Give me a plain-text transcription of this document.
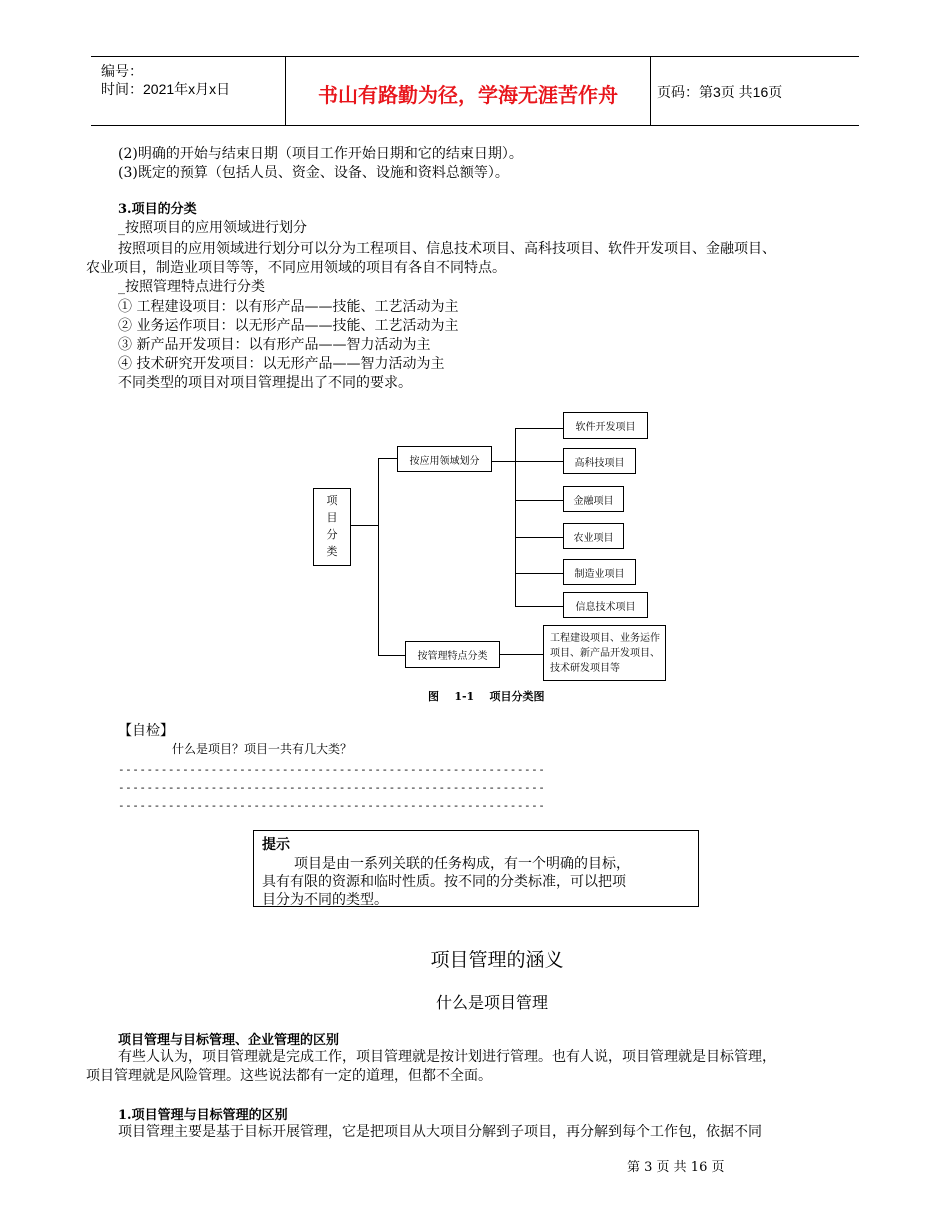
编号：
时间：2021年x月x日	书山有路勤为径，学海无涯苦作舟	页码：第3页 共16页
(2)明确的开始与结束日期（项目工作开始日期和它的结束日期）。
(3)既定的预算（包括人员、资金、设备、设施和资料总额等）。
3.项目的分类
_按照项目的应用领域进行划分
按照项目的应用领域进行划分可以分为工程项目、信息技术项目、高科技项目、软件开发项目、金融项目、
农业项目，制造业项目等等，不同应用领域的项目有各自不同特点。
_按照管理特点进行分类
① 工程建设项目：以有形产品——技能、工艺活动为主
② 业务运作项目：以无形产品——技能、工艺活动为主
③ 新产品开发项目：以有形产品——智力活动为主
④ 技术研究开发项目：以无形产品——智力活动为主
不同类型的项目对项目管理提出了不同的要求。
项
目
分
类
按应用领域划分
按管理特点分类
软件开发项目
高科技项目
金融项目
农业项目
制造业项目
信息技术项目
工程建设项目、业务运作
项目、新产品开发项目、
技术研发项目等
图    1-1    项目分类图
【自检】
什么是项目？项目一共有几大类？
------------------------------------------------------------
------------------------------------------------------------
------------------------------------------------------------
提示
项目是由一系列关联的任务构成，有一个明确的目标，
具有有限的资源和临时性质。按不同的分类标准，可以把项
目分为不同的类型。
项目管理的涵义
什么是项目管理
项目管理与目标管理、企业管理的区别
有些人认为，项目管理就是完成工作，项目管理就是按计划进行管理。也有人说，项目管理就是目标管理，
项目管理就是风险管理。这些说法都有一定的道理，但都不全面。
1.项目管理与目标管理的区别
项目管理主要是基于目标开展管理，它是把项目从大项目分解到子项目，再分解到每个工作包，依据不同
第 3 页 共 16 页
